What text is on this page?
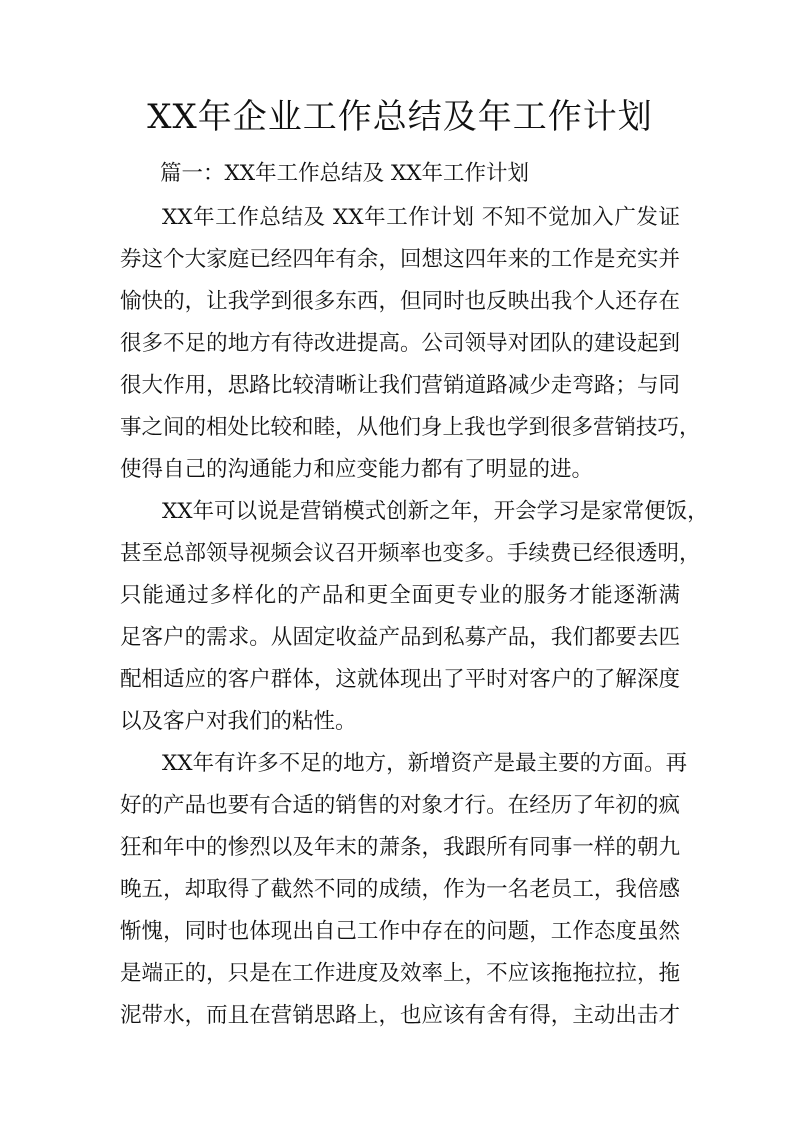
XX年企业工作总结及年工作计划
篇一：XX年工作总结及 XX年工作计划
XX年工作总结及 XX年工作计划 不知不觉加入广发证
券这个大家庭已经四年有余，回想这四年来的工作是充实并
愉快的，让我学到很多东西，但同时也反映出我个人还存在
很多不足的地方有待改进提高。公司领导对团队的建设起到
很大作用，思路比较清晰让我们营销道路减少走弯路；与同
事之间的相处比较和睦，从他们身上我也学到很多营销技巧，
使得自己的沟通能力和应变能力都有了明显的进。
XX年可以说是营销模式创新之年，开会学习是家常便饭，
甚至总部领导视频会议召开频率也变多。手续费已经很透明，
只能通过多样化的产品和更全面更专业的服务才能逐渐满
足客户的需求。从固定收益产品到私募产品，我们都要去匹
配相适应的客户群体，这就体现出了平时对客户的了解深度
以及客户对我们的粘性。
XX年有许多不足的地方，新增资产是最主要的方面。再
好的产品也要有合适的销售的对象才行。在经历了年初的疯
狂和年中的惨烈以及年末的萧条，我跟所有同事一样的朝九
晚五，却取得了截然不同的成绩，作为一名老员工，我倍感
惭愧，同时也体现出自己工作中存在的问题，工作态度虽然
是端正的，只是在工作进度及效率上，不应该拖拖拉拉，拖
泥带水，而且在营销思路上，也应该有舍有得，主动出击才
